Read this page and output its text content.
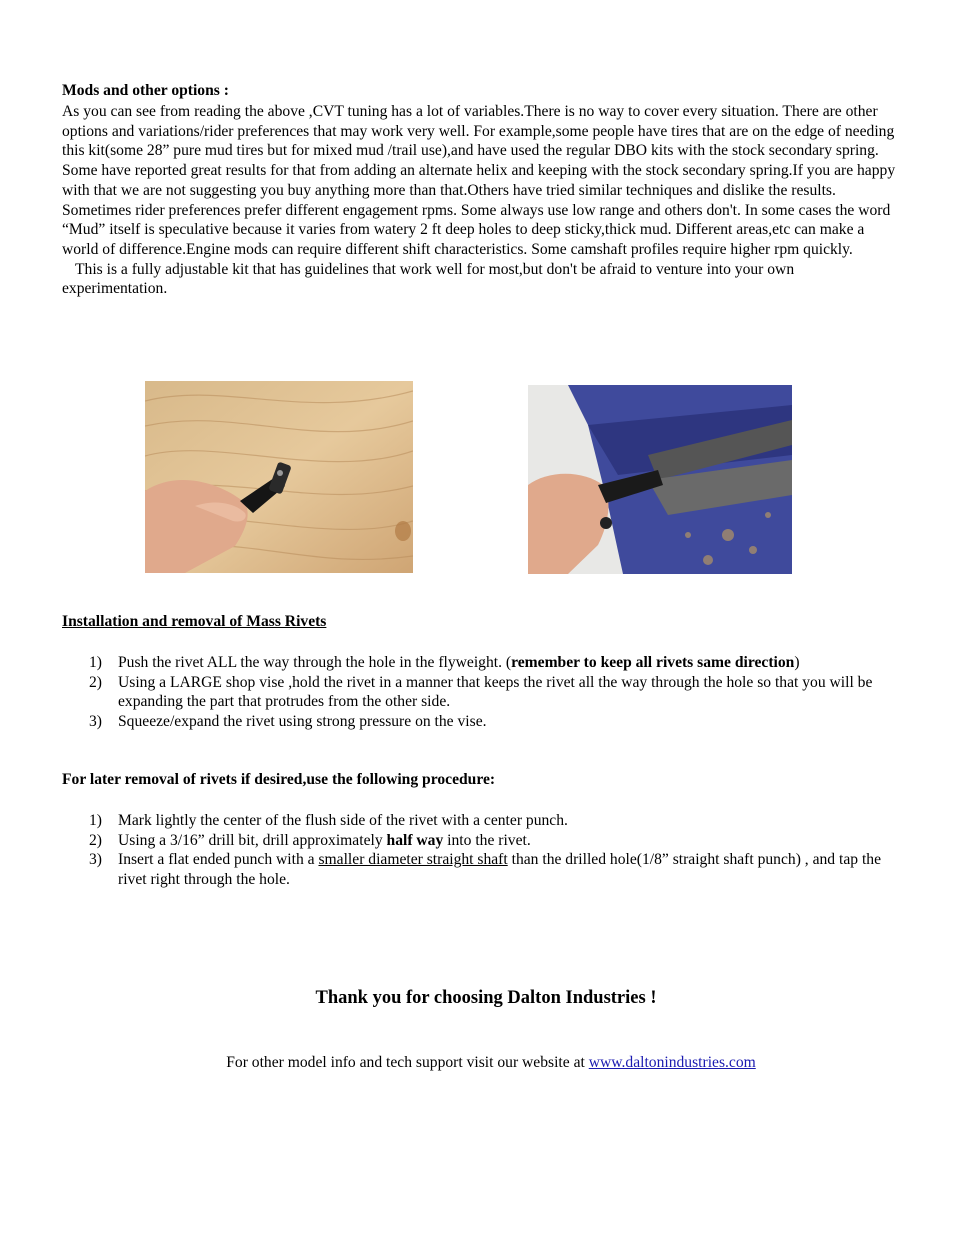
Mods and other options :

As you can see from reading the above ,CVT tuning has a lot of variables.There is no way to cover every situation. There are other options and variations/rider preferences that may work very well. For example,some people have tires that are on the edge of needing this kit(some 28” pure mud tires but for mixed mud /trail use),and have used the regular DBO kits with the stock secondary spring. Some have reported great results for that from adding an alternate helix and keeping with the stock secondary spring.If you are happy with that we are not suggesting you buy anything more than that.Others have tried similar techniques and dislike the results. Sometimes rider preferences prefer different engagement rpms. Some always use low range and others don't. In some cases the word “Mud” itself is speculative because it varies from watery 2 ft deep holes to deep sticky,thick mud. Different areas,etc can make a world of difference.Engine mods can require different shift characteristics. Some camshaft profiles require higher rpm quickly.

This is a fully adjustable kit that has guidelines that work well for most,but don't be afraid to venture into your own experimentation.

Installation and removal of Mass Rivets
1) Push the rivet ALL the way through the hole in the flyweight. (remember to keep all rivets same direction)
2) Using a LARGE shop vise ,hold the rivet in a manner that keeps the rivet all the way through the hole so that you will be expanding the part that protrudes from the other side.
3) Squeeze/expand the rivet using strong pressure on the vise.
For later removal of rivets if desired,use the following procedure:
1) Mark lightly the center of the flush side of the rivet with a center punch.
2) Using a 3/16” drill bit, drill approximately half way into the rivet.
3) Insert a flat ended punch with a smaller diameter straight shaft than the drilled hole(1/8” straight shaft punch) , and tap the rivet right through the hole.
Thank you for choosing Dalton Industries !
For other model info and tech support visit our website at www.daltonindustries.com
